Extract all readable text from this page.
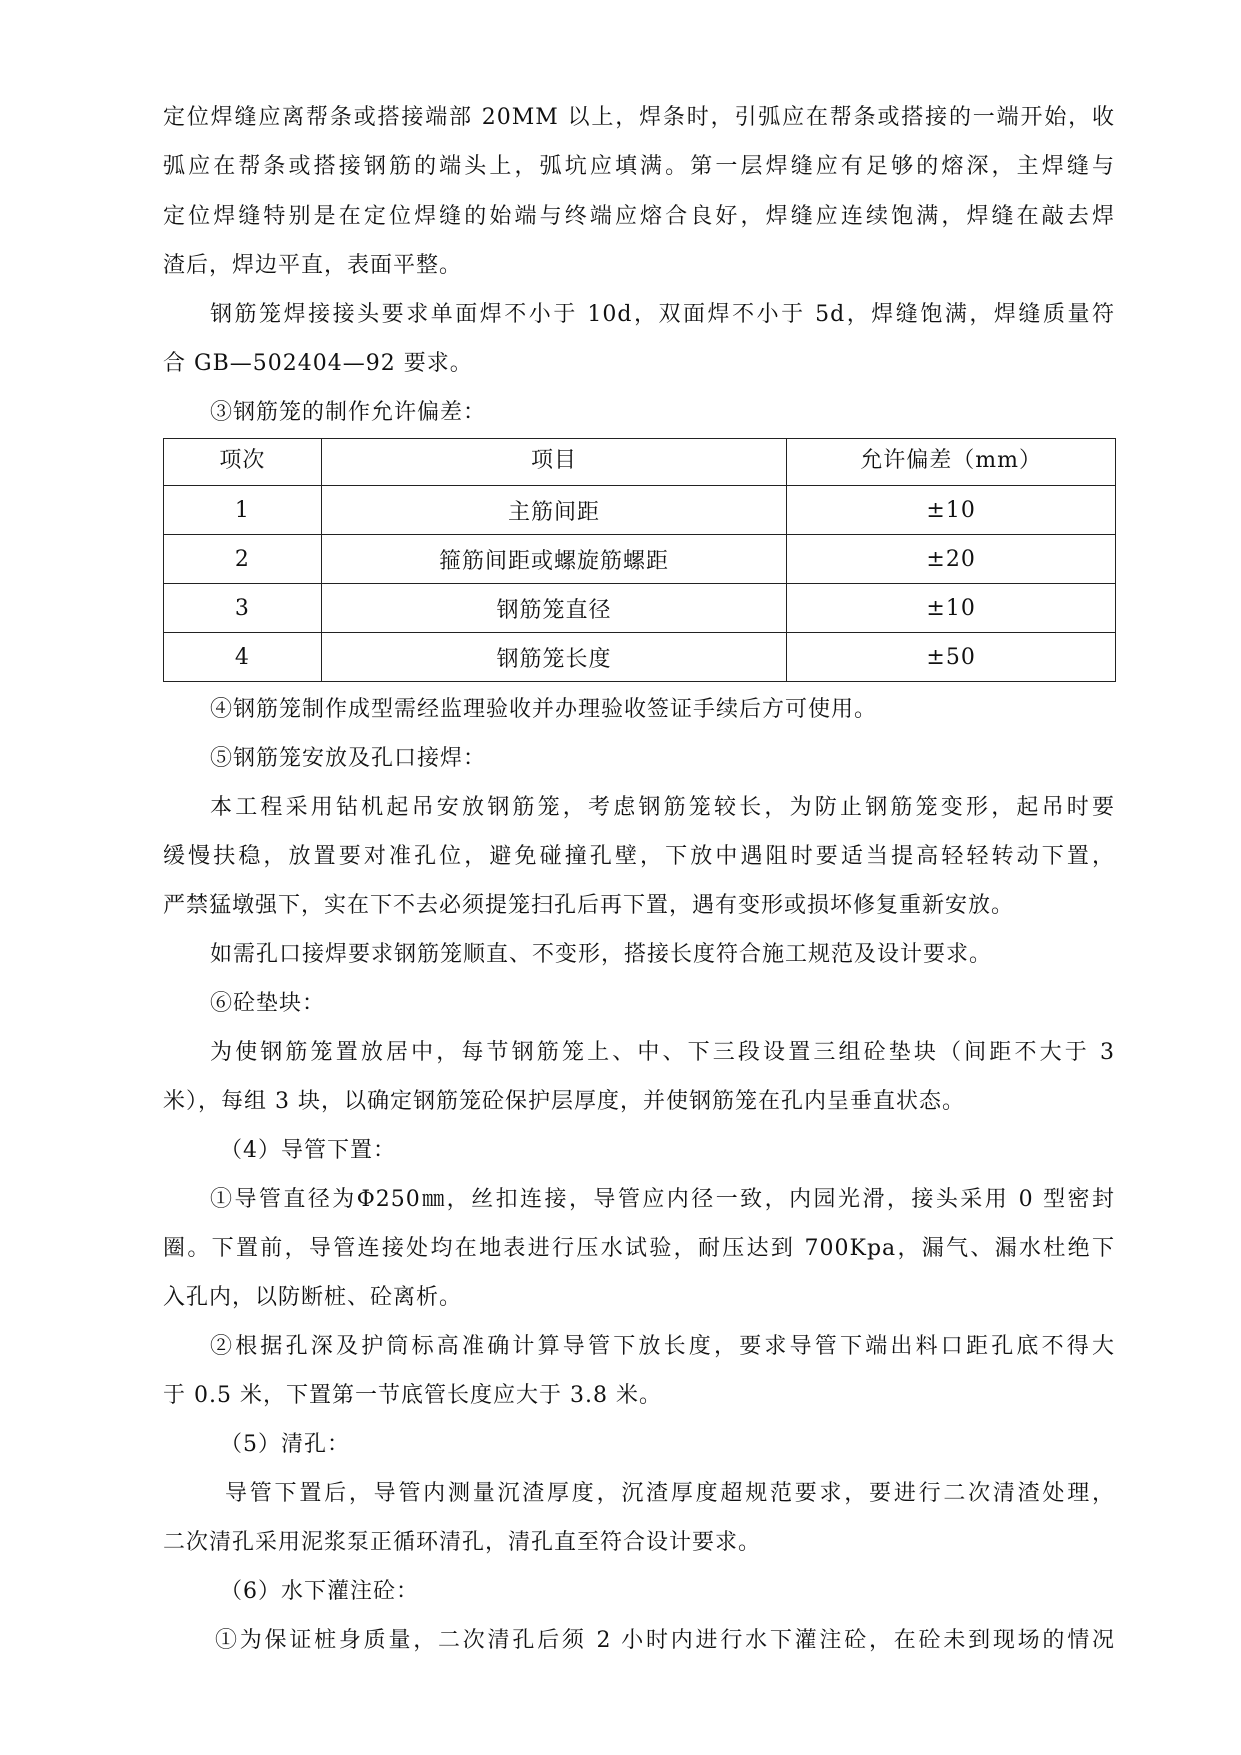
定位焊缝应离帮条或搭接端部 20MM 以上，焊条时，引弧应在帮条或搭接的一端开始，收
弧应在帮条或搭接钢筋的端头上，弧坑应填满。第一层焊缝应有足够的熔深，主焊缝与
定位焊缝特别是在定位焊缝的始端与终端应熔合良好，焊缝应连续饱满，焊缝在敲去焊
渣后，焊边平直，表面平整。
钢筋笼焊接接头要求单面焊不小于 10d，双面焊不小于 5d，焊缝饱满，焊缝质量符
合 GB—502404—92 要求。
③钢筋笼的制作允许偏差：
项次	项目	允许偏差（mm）
1	主筋间距	±10
2	箍筋间距或螺旋筋螺距	±20
3	钢筋笼直径	±10
4	钢筋笼长度	±50
④钢筋笼制作成型需经监理验收并办理验收签证手续后方可使用。
⑤钢筋笼安放及孔口接焊：
本工程采用钻机起吊安放钢筋笼，考虑钢筋笼较长，为防止钢筋笼变形，起吊时要
缓慢扶稳，放置要对准孔位，避免碰撞孔壁，下放中遇阻时要适当提高轻轻转动下置，
严禁猛墩强下，实在下不去必须提笼扫孔后再下置，遇有变形或损坏修复重新安放。
如需孔口接焊要求钢筋笼顺直、不变形，搭接长度符合施工规范及设计要求。
⑥砼垫块：
为使钢筋笼置放居中，每节钢筋笼上、中、下三段设置三组砼垫块（间距不大于 3
米），每组 3 块，以确定钢筋笼砼保护层厚度，并使钢筋笼在孔内呈垂直状态。
（4）导管下置：
①导管直径为Φ250㎜，丝扣连接，导管应内径一致，内园光滑，接头采用 0 型密封
圈。下置前，导管连接处均在地表进行压水试验，耐压达到 700Kpa，漏气、漏水杜绝下
入孔内，以防断桩、砼离析。
②根据孔深及护筒标高准确计算导管下放长度，要求导管下端出料口距孔底不得大
于 0.5 米，下置第一节底管长度应大于 3.8 米。
（5）清孔：
导管下置后，导管内测量沉渣厚度，沉渣厚度超规范要求，要进行二次清渣处理，
二次清孔采用泥浆泵正循环清孔，清孔直至符合设计要求。
（6）水下灌注砼：
①为保证桩身质量，二次清孔后须 2 小时内进行水下灌注砼，在砼未到现场的情况
